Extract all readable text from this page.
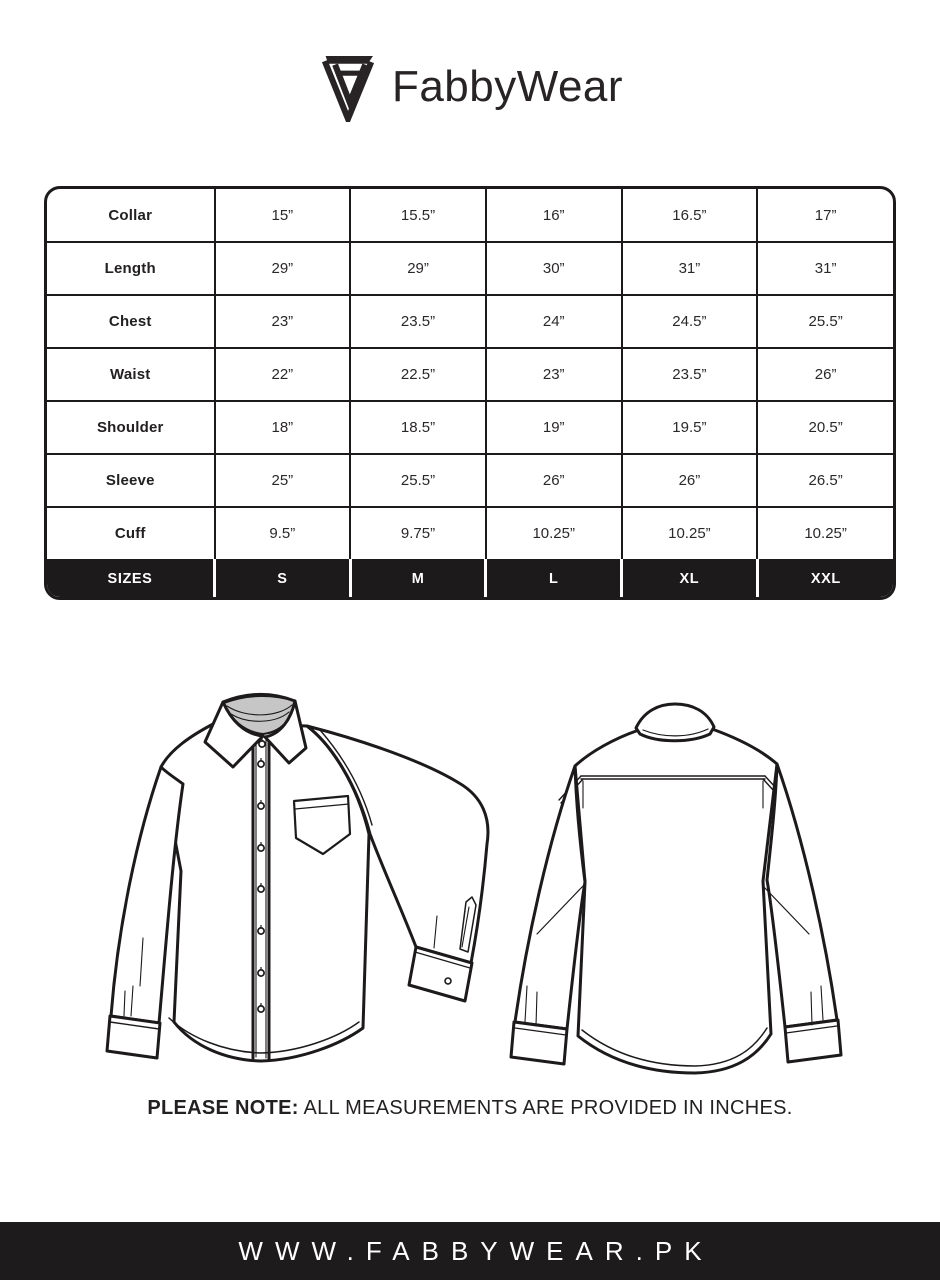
FabbyWear
Collar	15”	15.5”	16”	16.5”	17”
Length	29”	29”	30”	31”	31”
Chest	23”	23.5”	24”	24.5”	25.5”
Waist	22”	22.5”	23”	23.5”	26”
Shoulder	18”	18.5”	19”	19.5”	20.5”
Sleeve	25”	25.5”	26”	26”	26.5”
Cuff	9.5”	9.75”	10.25”	10.25”	10.25”
SIZES	S	M	L	XL	XXL
PLEASE NOTE: ALL MEASUREMENTS ARE PROVIDED IN INCHES.
WWW.FABBYWEAR.PK
